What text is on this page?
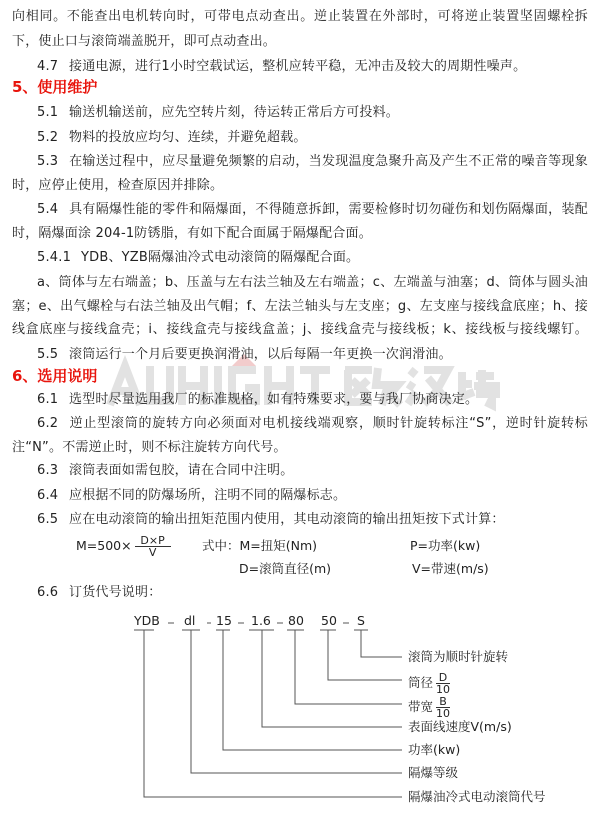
向相同。不能查出电机转向时，可带电点动查出。逆止装置在外部时，可将逆止装置坚固螺栓拆
下，使止口与滚筒端盖脱开，即可点动查出。
4.7 接通电源，进行1小时空载试运，整机应转平稳，无冲击及较大的周期性噪声。
5、使用维护
5.1 输送机输送前，应先空转片刻，待运转正常后方可投料。
5.2 物料的投放应均匀、连续，并避免超载。
5.3 在输送过程中，应尽量避免频繁的启动，当发现温度急聚升高及产生不正常的噪音等现象
时，应停止使用，检查原因并排除。
5.4 具有隔爆性能的零件和隔爆面，不得随意拆卸，需要检修时切勿碰伤和划伤隔爆面，装配
时，隔爆面涂 204-1防锈脂，有如下配合面属于隔爆配合面。
5.4.1 YDB、YZB隔爆油冷式电动滚筒的隔爆配合面。
a、筒体与左右端盖；b、压盖与左右法兰轴及左右端盖；c、左端盖与油塞；d、筒体与圆头油
塞；e、出气螺栓与右法兰轴及出气帽；f、左法兰轴头与左支座；g、左支座与接线盒底座；h、接
线盒底座与接线盒壳；i、接线盒壳与接线盒盖；j、接线盒壳与接线板；k、接线板与接线螺钉。
5.5 滚筒运行一个月后要更换润滑油，以后每隔一年更换一次润滑油。
6、选用说明
6.1 选型时尽量选用我厂的标准规格，如有特殊要求，要与我厂协商决定。
6.2 逆止型滚筒的旋转方向必须面对电机接线端观察，顺时针旋转标注“S”，逆时针旋转标
注“N”。不需逆止时，则不标注旋转方向代号。
6.3 滚筒表面如需包胶，请在合同中注明。
6.4 应根据不同的防爆场所，注明不同的隔爆标志。
6.5 应在电动滚筒的输出扭矩范围内使用，其电动滚筒的输出扭矩按下式计算：
$M=500\times \frac{D\times P}{V}$	式中：M=扭矩(Nm)	P=功率(kw)
D=滚筒直径(m)	V=带速(m/s)
6.6 订货代号说明：
YDB dl 15 1.6 80 50 S
滚筒为顺时针旋转
筒径 $\frac{D}{10}$
带宽 $\frac{B}{10}$
表面线速度V(m/s)
功率(kw)
隔爆等级
隔爆油冷式电动滚筒代号
